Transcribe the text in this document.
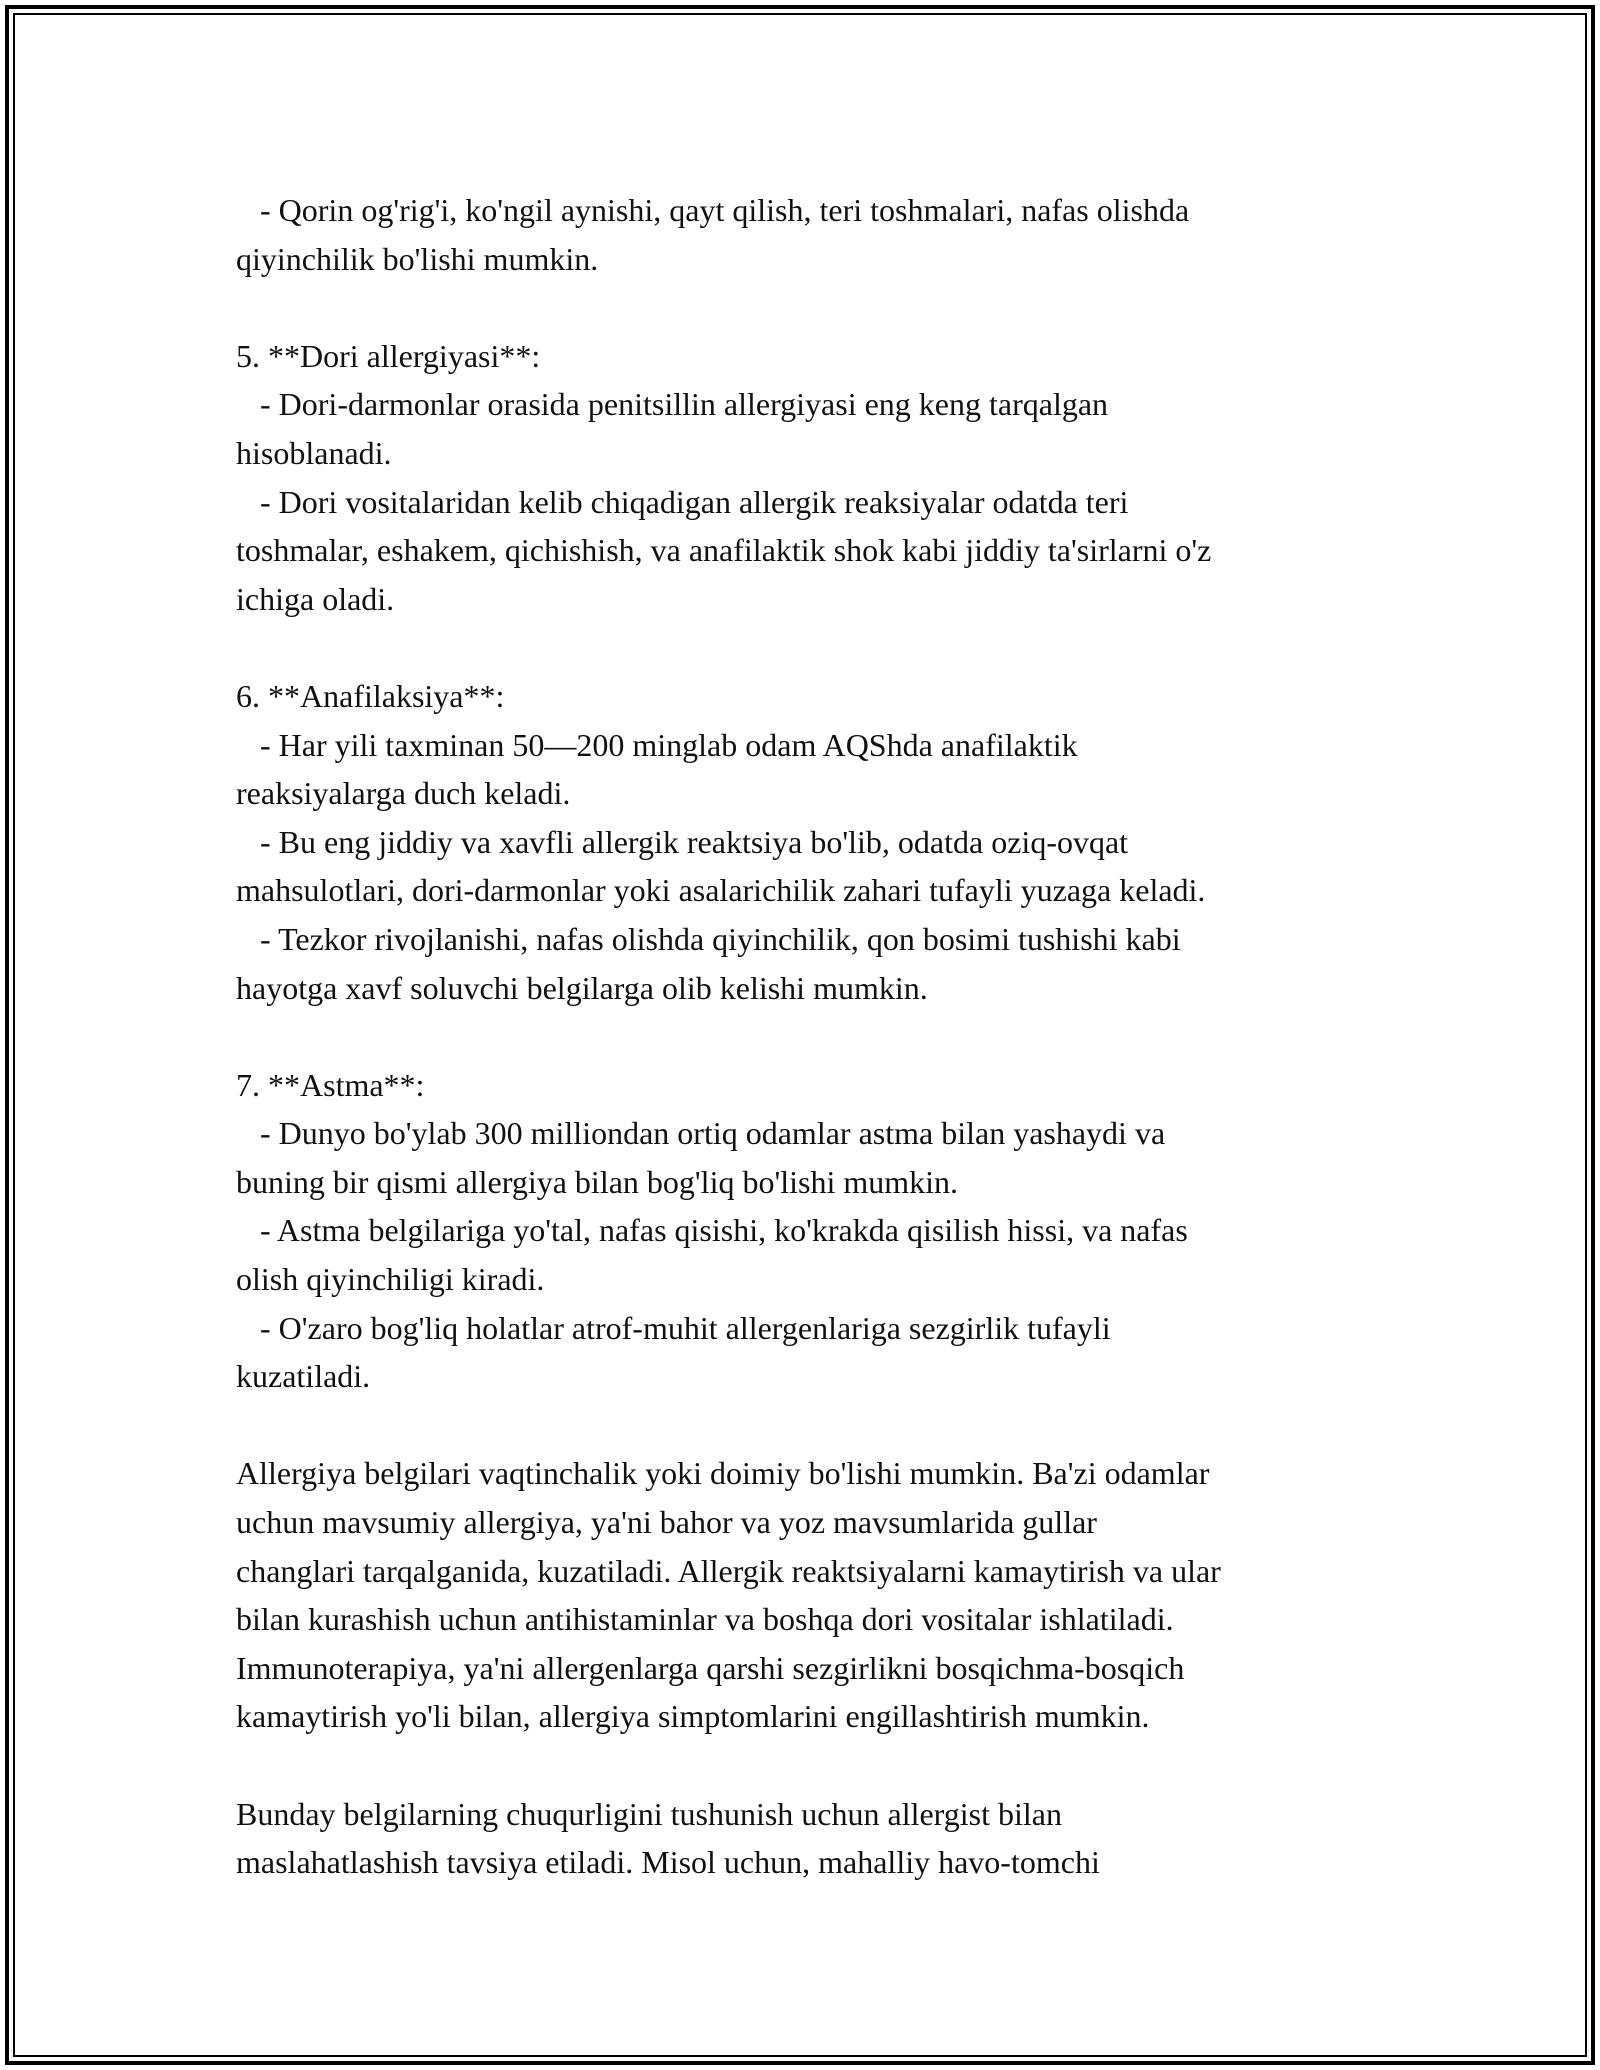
- Qorin og'rig'i, ko'ngil aynishi, qayt qilish, teri toshmalari, nafas olishda
qiyinchilik bo'lishi mumkin.
5. **Dori allergiyasi**:
- Dori-darmonlar orasida penitsillin allergiyasi eng keng tarqalgan
hisoblanadi.
- Dori vositalaridan kelib chiqadigan allergik reaksiyalar odatda teri
toshmalar, eshakem, qichishish, va anafilaktik shok kabi jiddiy ta'sirlarni o'z
ichiga oladi.
6. **Anafilaksiya**:
- Har yili taxminan 50—200 minglab odam AQShda anafilaktik
reaksiyalarga duch keladi.
- Bu eng jiddiy va xavfli allergik reaktsiya bo'lib, odatda oziq-ovqat
mahsulotlari, dori-darmonlar yoki asalarichilik zahari tufayli yuzaga keladi.
- Tezkor rivojlanishi, nafas olishda qiyinchilik, qon bosimi tushishi kabi
hayotga xavf soluvchi belgilarga olib kelishi mumkin.
7. **Astma**:
- Dunyo bo'ylab 300 milliondan ortiq odamlar astma bilan yashaydi va
buning bir qismi allergiya bilan bog'liq bo'lishi mumkin.
- Astma belgilariga yo'tal, nafas qisishi, ko'krakda qisilish hissi, va nafas
olish qiyinchiligi kiradi.
- O'zaro bog'liq holatlar atrof-muhit allergenlariga sezgirlik tufayli
kuzatiladi.
Allergiya belgilari vaqtinchalik yoki doimiy bo'lishi mumkin. Ba'zi odamlar
uchun mavsumiy allergiya, ya'ni bahor va yoz mavsumlarida gullar
changlari tarqalganida, kuzatiladi. Allergik reaktsiyalarni kamaytirish va ular
bilan kurashish uchun antihistaminlar va boshqa dori vositalar ishlatiladi.
Immunoterapiya, ya'ni allergenlarga qarshi sezgirlikni bosqichma-bosqich
kamaytirish yo'li bilan, allergiya simptomlarini engillashtirish mumkin.
Bunday belgilarning chuqurligini tushunish uchun allergist bilan
maslahatlashish tavsiya etiladi. Misol uchun, mahalliy havo-tomchi
